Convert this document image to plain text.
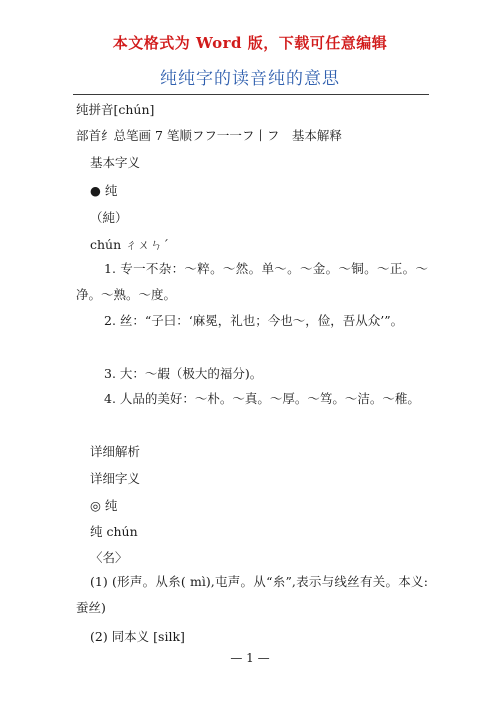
本文格式为 Word 版，下载可任意编辑
纯纯字的读音纯的意思
纯拼音[chún]
部首纟总笔画 7 笔顺フフ一一フ丨フ　基本解释
基本字义
● 纯
（純）
chún ㄔㄨㄣˊ
1. 专一不杂：～粹。～然。单～。～金。～铜。～正。～净。～熟。～度。
2. 丝：“子曰：‘麻冕，礼也；今也～，俭，吾从众’”。
3. 大：～嘏（极大的福分)。
4. 人品的美好：～朴。～真。～厚。～笃。～洁。～稚。
详细解析
详细字义
◎ 纯
纯 chún
〈名〉
(1) (形声。从糸( mì),屯声。从“糸”,表示与线丝有关。本义:蚕丝)
(2) 同本义 [silk]
— 1 —
